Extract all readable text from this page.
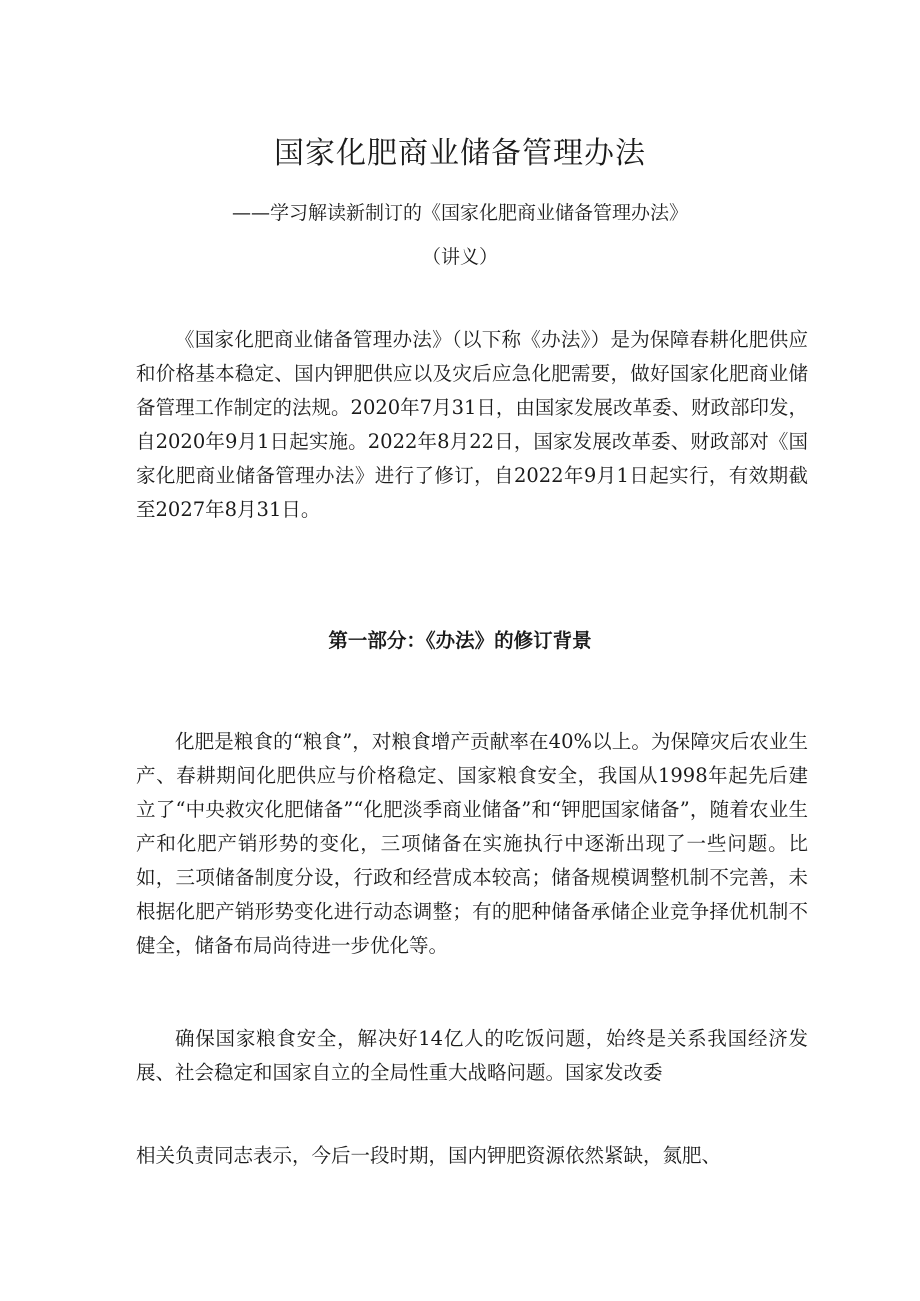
国家化肥商业储备管理办法
——学习解读新制订的《国家化肥商业储备管理办法》
（讲义）

《国家化肥商业储备管理办法》（以下称《办法》）是为保障春耕化肥供应和价格基本稳定、国内钾肥供应以及灾后应急化肥需要，做好国家化肥商业储备管理工作制定的法规。2020年7月31日，由国家发展改革委、财政部印发，自2020年9月1日起实施。2022年8月22日，国家发展改革委、财政部对《国家化肥商业储备管理办法》进行了修订，自2022年9月1日起实行，有效期截至2027年8月31日。

第一部分：《办法》的修订背景

化肥是粮食的“粮食”，对粮食增产贡献率在40%以上。为保障灾后农业生产、春耕期间化肥供应与价格稳定、国家粮食安全，我国从1998年起先后建立了“中央救灾化肥储备”“化肥淡季商业储备”和“钾肥国家储备”，随着农业生产和化肥产销形势的变化，三项储备在实施执行中逐渐出现了一些问题。比如，三项储备制度分设，行政和经营成本较高；储备规模调整机制不完善，未根据化肥产销形势变化进行动态调整；有的肥种储备承储企业竞争择优机制不健全，储备布局尚待进一步优化等。

确保国家粮食安全，解决好14亿人的吃饭问题，始终是关系我国经济发展、社会稳定和国家自立的全局性重大战略问题。国家发改委

相关负责同志表示，今后一段时期，国内钾肥资源依然紧缺，氮肥、
